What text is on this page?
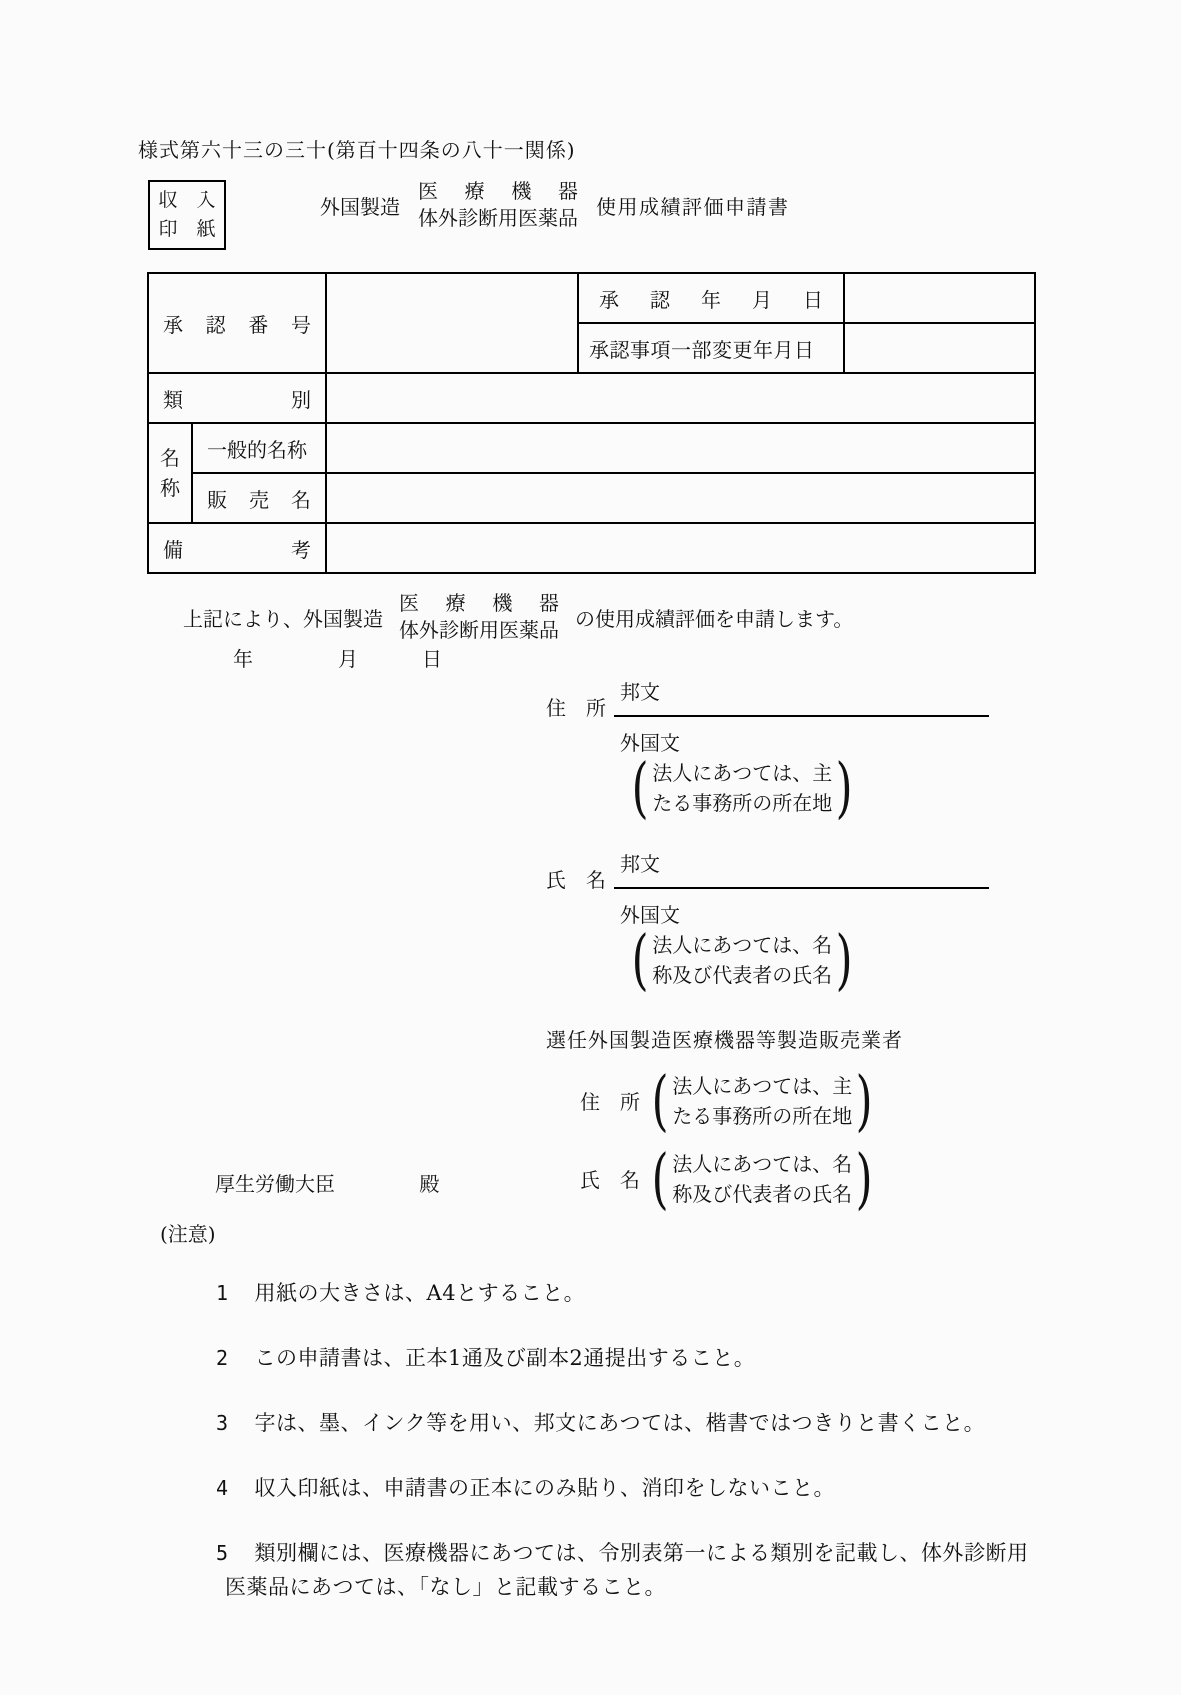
様式第六十三の三十(第百十四条の八十一関係)
収　入
印　紙
外国製造
医療機器
体外診断用医薬品 使用成績評価申請書
承認番号			承認年月日	
			承認事項一部変更年月日	
類別				

名
称	一般的名称			
	販売名			
備考				
上記により、外国製造
医療機器
体外診断用医薬品 の使用成績評価を申請します。
年　　　　月　　　日
住　所
邦文
外国文
( 法人にあつては、主
たる事務所の所在地 )
氏　名
邦文
外国文
( 法人にあつては、名
称及び代表者の氏名 )
選任外国製造医療機器等製造販売業者
住　所 ( 法人にあつては、主
たる事務所の所在地 )
氏　名 ( 法人にあつては、名
称及び代表者の氏名 )
厚生労働大臣	殿
(注意)
1 用紙の大きさは、A4とすること。
2 この申請書は、正本1通及び副本2通提出すること。
3 字は、墨、インク等を用い、邦文にあつては、楷書ではつきりと書くこと。
4 収入印紙は、申請書の正本にのみ貼り、消印をしないこと。
5 類別欄には、医療機器にあつては、令別表第一による類別を記載し、体外診断用医薬品にあつては、「なし」と記載すること。
